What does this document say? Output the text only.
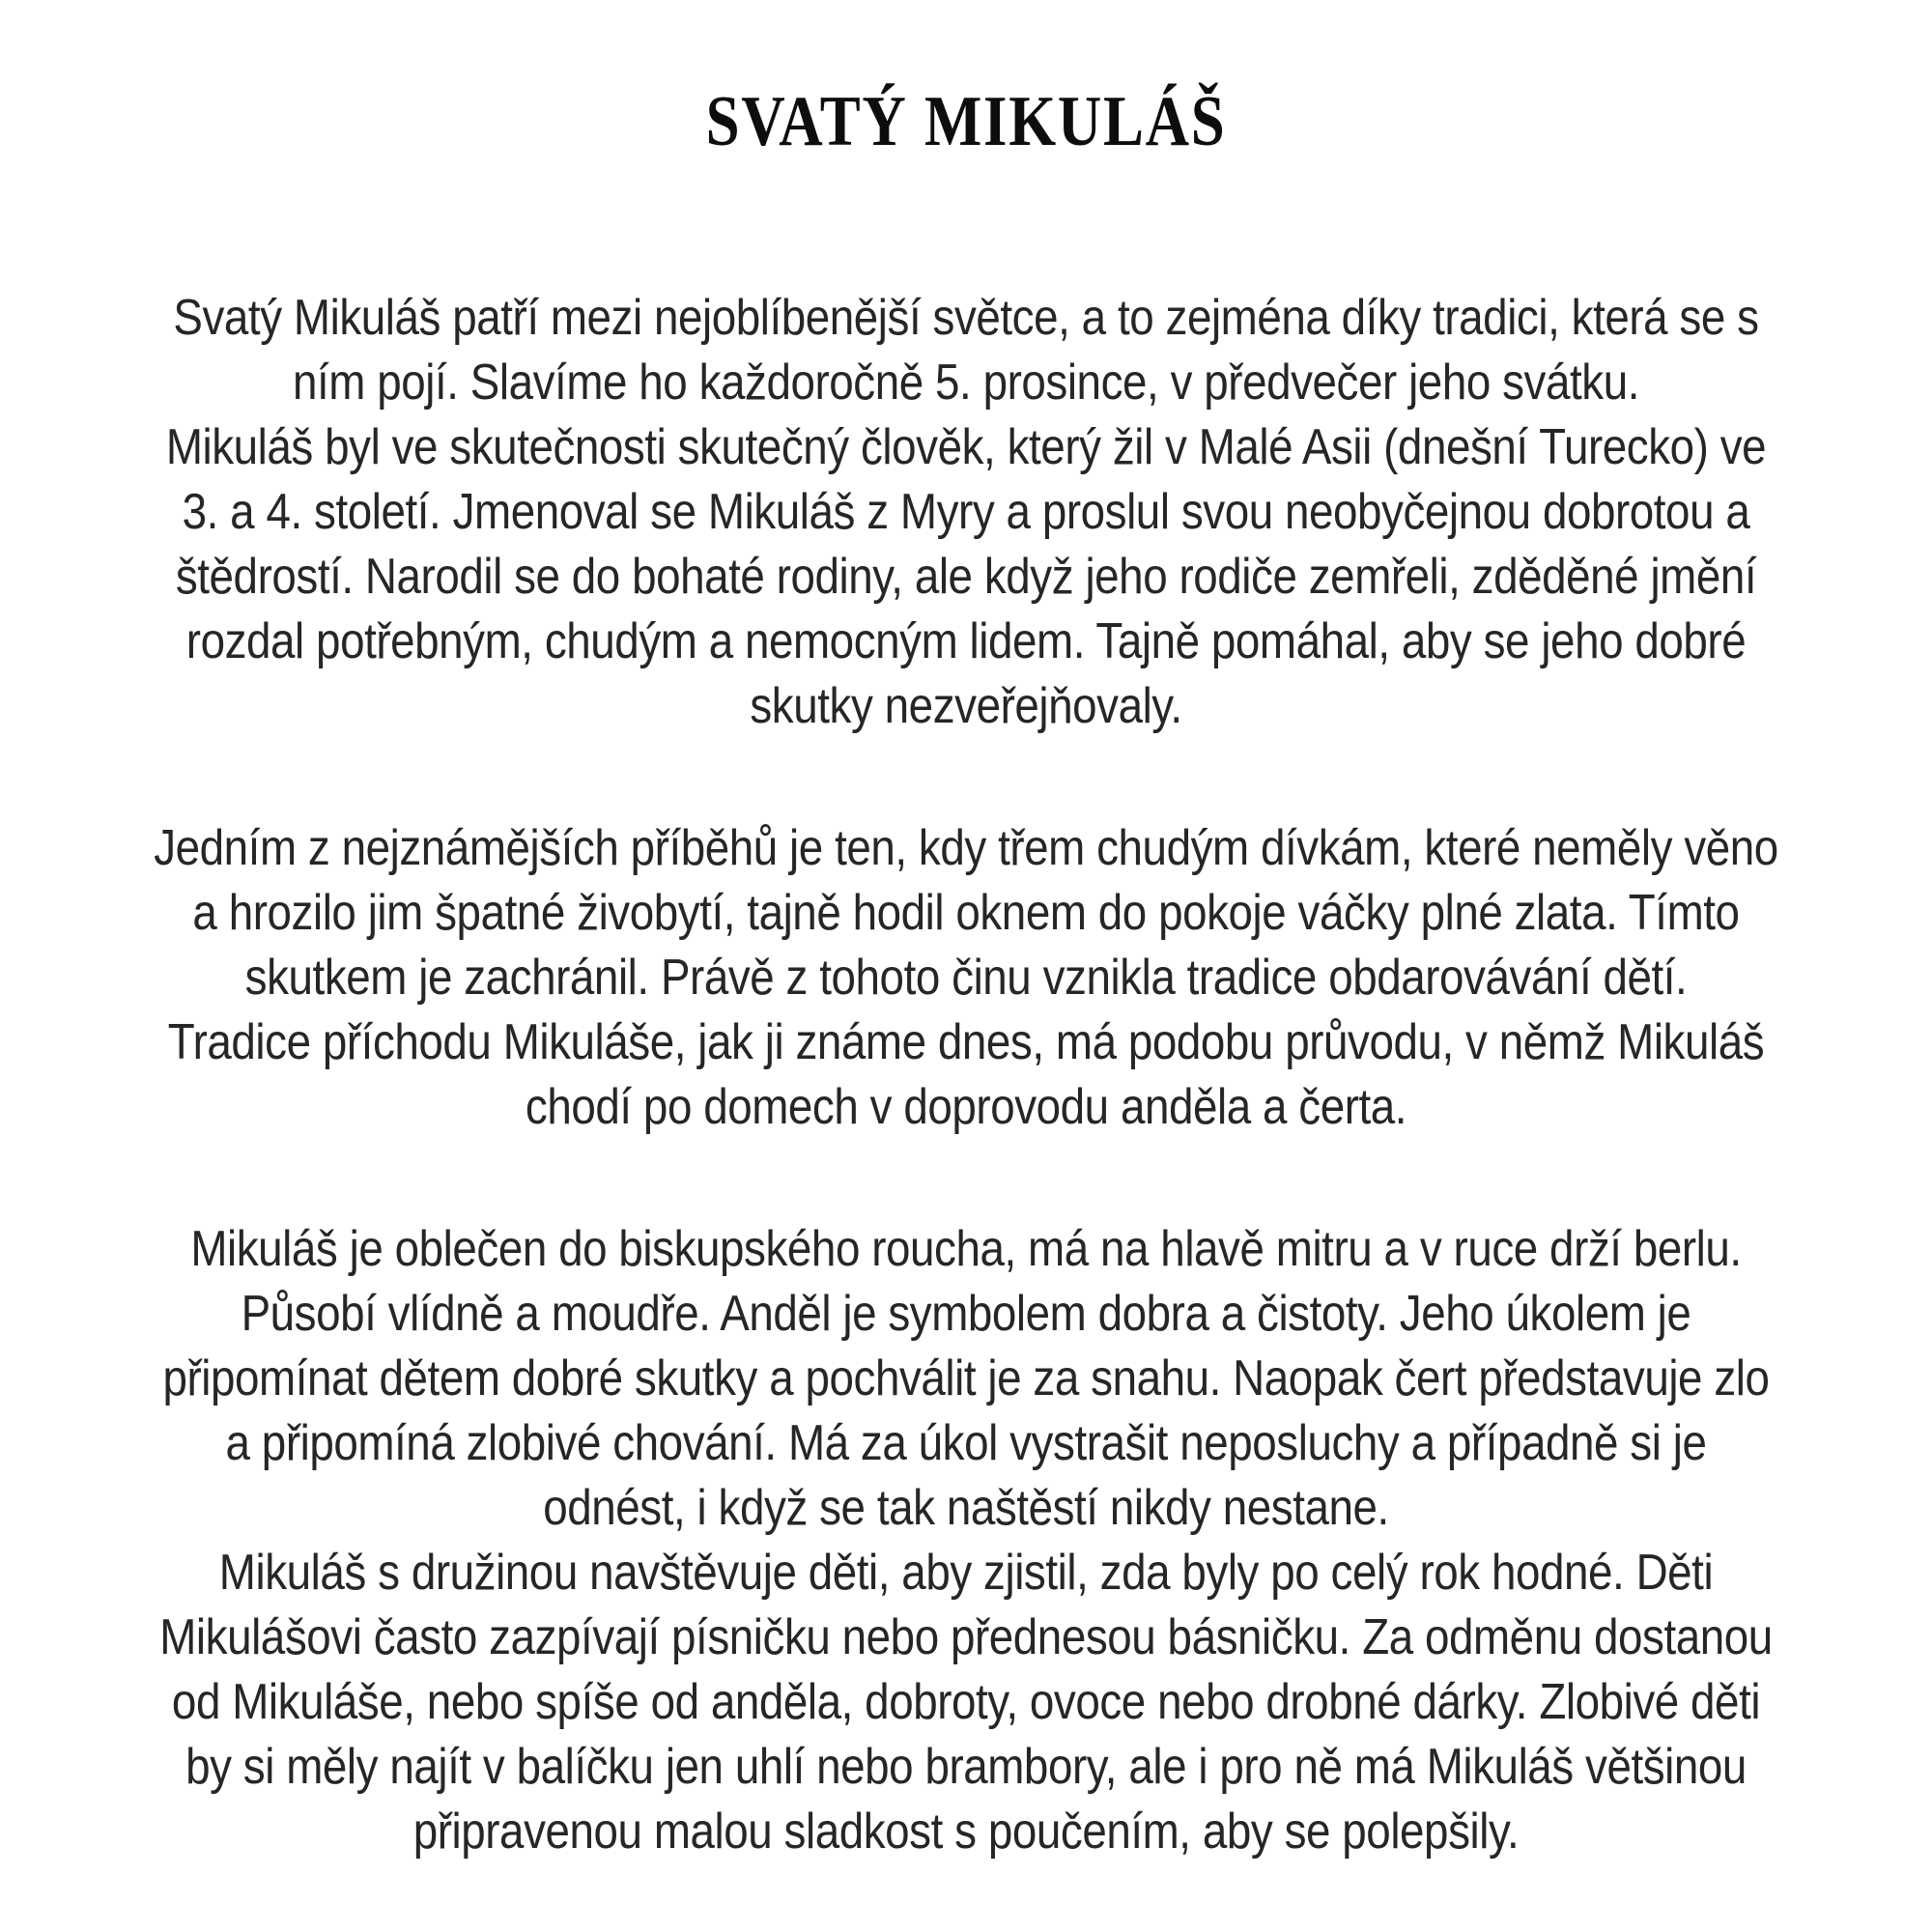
SVATÝ MIKULÁŠ
Svatý Mikuláš patří mezi nejoblíbenější světce, a to zejména díky tradici, která se s
ním pojí. Slavíme ho každoročně 5. prosince, v předvečer jeho svátku.
Mikuláš byl ve skutečnosti skutečný člověk, který žil v Malé Asii (dnešní Turecko) ve
3. a 4. století. Jmenoval se Mikuláš z Myry a proslul svou neobyčejnou dobrotou a
štědrostí. Narodil se do bohaté rodiny, ale když jeho rodiče zemřeli, zděděné jmění
rozdal potřebným, chudým a nemocným lidem. Tajně pomáhal, aby se jeho dobré
skutky nezveřejňovaly.
Jedním z nejznámějších příběhů je ten, kdy třem chudým dívkám, které neměly věno
a hrozilo jim špatné živobytí, tajně hodil oknem do pokoje váčky plné zlata. Tímto
skutkem je zachránil. Právě z tohoto činu vznikla tradice obdarovávání dětí.
Tradice příchodu Mikuláše, jak ji známe dnes, má podobu průvodu, v němž Mikuláš
chodí po domech v doprovodu anděla a čerta.
Mikuláš je oblečen do biskupského roucha, má na hlavě mitru a v ruce drží berlu.
Působí vlídně a moudře. Anděl je symbolem dobra a čistoty. Jeho úkolem je
připomínat dětem dobré skutky a pochválit je za snahu. Naopak čert představuje zlo
a připomíná zlobivé chování. Má za úkol vystrašit neposluchy a případně si je
odnést, i když se tak naštěstí nikdy nestane.
Mikuláš s družinou navštěvuje děti, aby zjistil, zda byly po celý rok hodné. Děti
Mikulášovi často zazpívají písničku nebo přednesou básničku. Za odměnu dostanou
od Mikuláše, nebo spíše od anděla, dobroty, ovoce nebo drobné dárky. Zlobivé děti
by si měly najít v balíčku jen uhlí nebo brambory, ale i pro ně má Mikuláš většinou
připravenou malou sladkost s poučením, aby se polepšily.
